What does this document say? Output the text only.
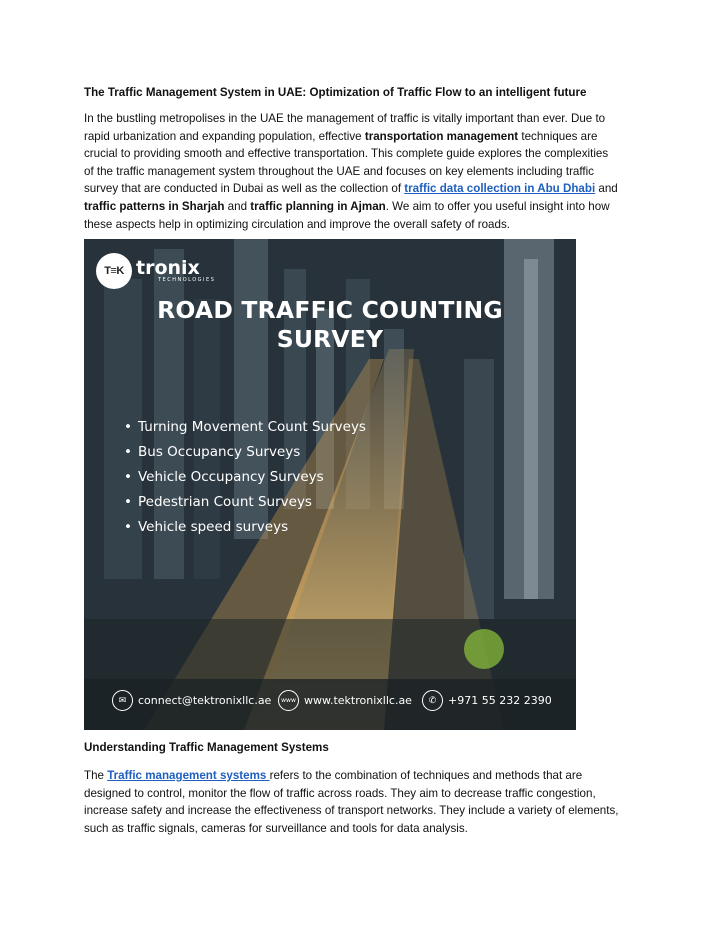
The Traffic Management System in UAE: Optimization of Traffic Flow to an intelligent future
In the bustling metropolises in the UAE the management of traffic is vitally important than ever. Due to
rapid urbanization and expanding population, effective transportation management techniques are
crucial to providing smooth and effective transportation. This complete guide explores the complexities
of the traffic management system throughout the UAE and focuses on key elements including traffic
survey that are conducted in Dubai as well as the collection of traffic data collection in Abu Dhabi and
traffic patterns in Sharjah and traffic planning in Ajman. We aim to offer you useful insight into how
these aspects help in optimizing circulation and improve the overall safety of roads.
T≡K tronix
TECHNOLOGIES
ROAD TRAFFIC COUNTING
SURVEY
• Turning Movement Count Surveys
• Bus Occupancy Surveys
• Vehicle Occupancy Surveys
• Pedestrian Count Surveys
• Vehicle speed surveys
✉	connect@tektronixllc.ae	www www.tektronixllc.ae	✆	+971 55 232 2390
Understanding Traffic Management Systems
The Traffic management systems refers to the combination of techniques and methods that are
designed to control, monitor the flow of traffic across roads. They aim to decrease traffic congestion,
increase safety and increase the effectiveness of transport networks. They include a variety of elements,
such as traffic signals, cameras for surveillance and tools for data analysis.
